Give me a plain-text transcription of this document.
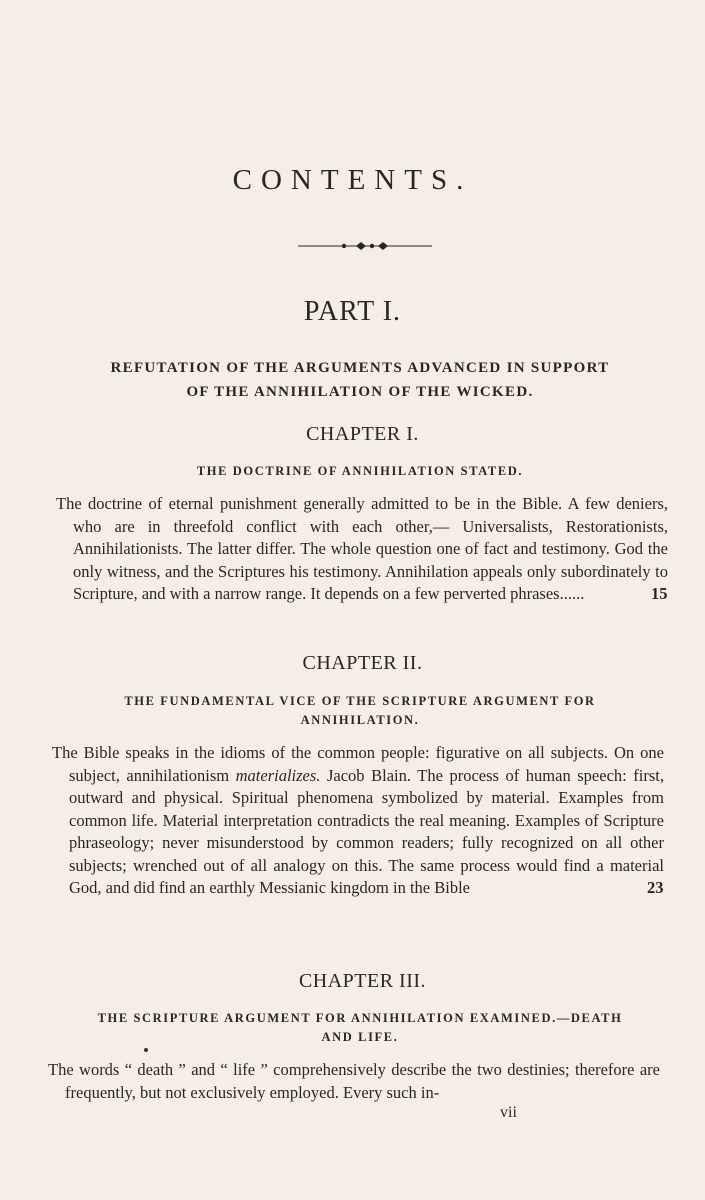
CONTENTS.
PART I.
REFUTATION OF THE ARGUMENTS ADVANCED IN SUPPORT
OF THE ANNIHILATION OF THE WICKED.
CHAPTER I.
THE DOCTRINE OF ANNIHILATION STATED.

The doctrine of eternal punishment generally admitted to be in the Bible. A few deniers, who are in threefold conflict with each other,— Universalists, Restorationists, Annihilationists. The latter differ. The whole question one of fact and testimony. God the only witness, and the Scriptures his testimony. Annihilation appeals only subordinately to Scripture, and with a narrow range. It depends on a few perverted phrases......	15

CHAPTER II.
THE FUNDAMENTAL VICE OF THE SCRIPTURE ARGUMENT FOR
ANNIHILATION.

The Bible speaks in the idioms of the common people: figurative on all subjects. On one subject, annihilationism materializes. Jacob Blain. The process of human speech: first, outward and physical. Spiritual phenomena symbolized by material. Examples from common life. Material interpretation contradicts the real meaning. Examples of Scripture phraseology; never misunderstood by common readers; fully recognized on all other subjects; wrenched out of all analogy on this. The same process would find a material God, and did find an earthly Messianic kingdom in the Bible	23

CHAPTER III.
THE SCRIPTURE ARGUMENT FOR ANNIHILATION EXAMINED.—DEATH
AND LIFE.

The words “ death ” and “ life ” comprehensively describe the two destinies; therefore are frequently, but not exclusively employed. Every such in-

vii
